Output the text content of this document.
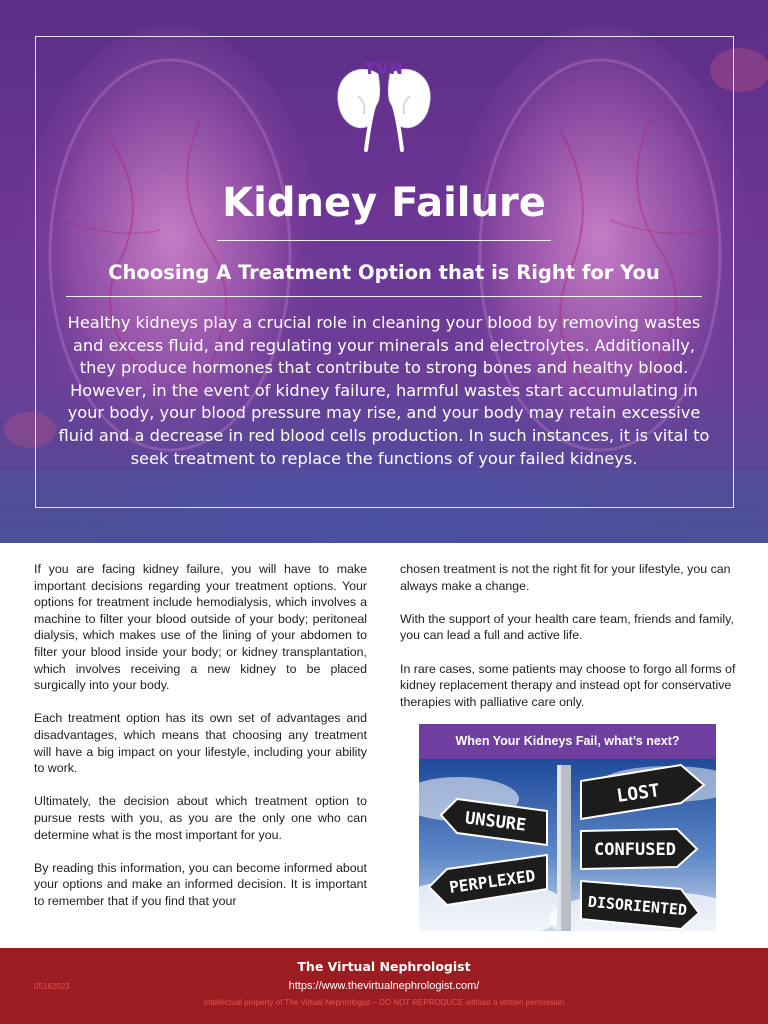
TVN
Kidney Failure
Choosing A Treatment Option that is Right for You

Healthy kidneys play a crucial role in cleaning your blood by removing wastes and excess fluid, and regulating your minerals and electrolytes. Additionally, they produce hormones that contribute to strong bones and healthy blood. However, in the event of kidney failure, harmful wastes start accumulating in your body, your blood pressure may rise, and your body may retain excessive fluid and a decrease in red blood cells production. In such instances, it is vital to seek treatment to replace the functions of your failed kidneys.

If you are facing kidney failure, you will have to make important decisions regarding your treatment options. Your options for treatment include hemodialysis, which involves a machine to filter your blood outside of your body; peritoneal dialysis, which makes use of the lining of your abdomen to filter your blood inside your body; or kidney transplantation, which involves receiving a new kidney to be placed surgically into your body.

Each treatment option has its own set of advantages and disadvantages, which means that choosing any treatment will have a big impact on your lifestyle, including your ability to work.

Ultimately, the decision about which treatment option to pursue rests with you, as you are the only one who can determine what is the most important for you.

By reading this information, you can become informed about your options and make an informed decision. It is important to remember that if you find that your

chosen treatment is not the right fit for your lifestyle, you can always make a change.

With the support of your health care team, friends and family, you can lead a full and active life.

In rare cases, some patients may choose to forgo all forms of kidney replacement therapy and instead opt for conservative therapies with palliative care only.

When Your Kidneys Fail, what’s next?
UNSURE
LOST
CONFUSED
PERPLEXED
DISORIENTED
05162023
The Virtual Nephrologist
https://www.thevirtualnephrologist.com/
Intellectual property of The Virtual Nephrologist – DO NOT REPRODUCE without a written permission
